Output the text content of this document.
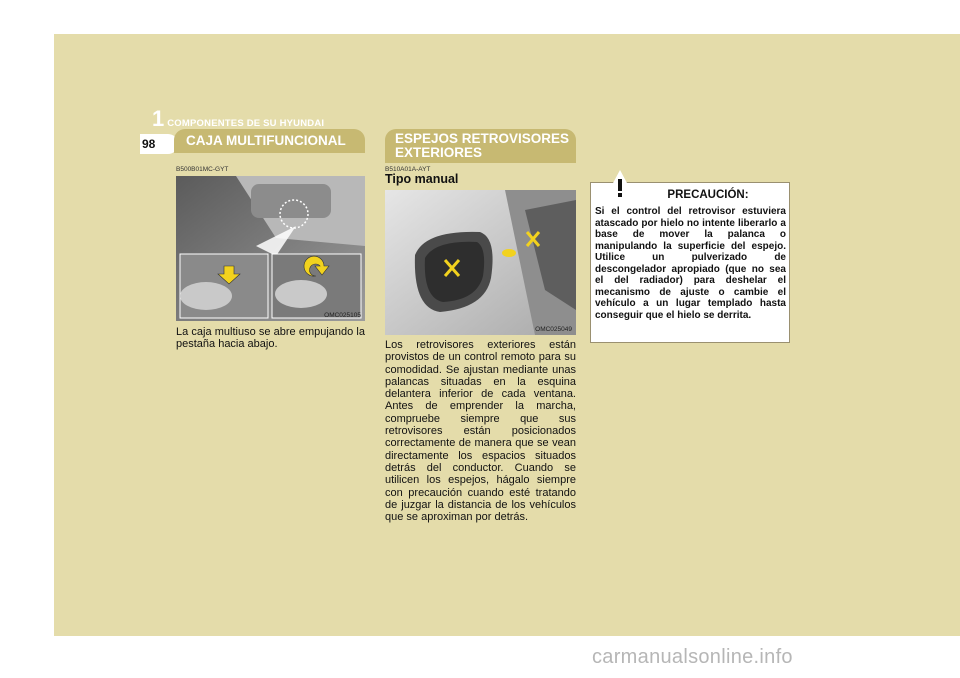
1 COMPONENTES DE SU HYUNDAI
98	CAJA MULTIFUNCIONAL
B500B01MC-GYT
OMC025105
La caja multiuso se abre empujando la pestaña hacia abajo.
ESPEJOS RETROVISORES
EXTERIORES
B510A01A-AYT
Tipo manual
OMC025049
Los retrovisores exteriores están provistos de un control remoto para su comodidad. Se ajustan mediante unas palancas situadas en la esquina delantera inferior de cada ventana. Antes de emprender la marcha, compruebe siempre que sus retrovisores están posicionados correctamente de manera que se vean directamente los espacios situados detrás del conductor. Cuando se utilicen los espejos, hágalo siempre con precaución cuando esté tratando de juzgar la distancia de los vehículos que se aproximan por detrás.
PRECAUCIÓN:
Si el control del retrovisor estuviera atascado por hielo no intente liberarlo a base de mover la palanca o manipulando la superficie del espejo. Utilice un pulverizado de descongelador apropiado (que no sea el del radiador) para deshelar el mecanismo de ajuste o cambie el vehículo a un lugar templado hasta conseguir que el hielo se derrita.
carmanualsonline.info
